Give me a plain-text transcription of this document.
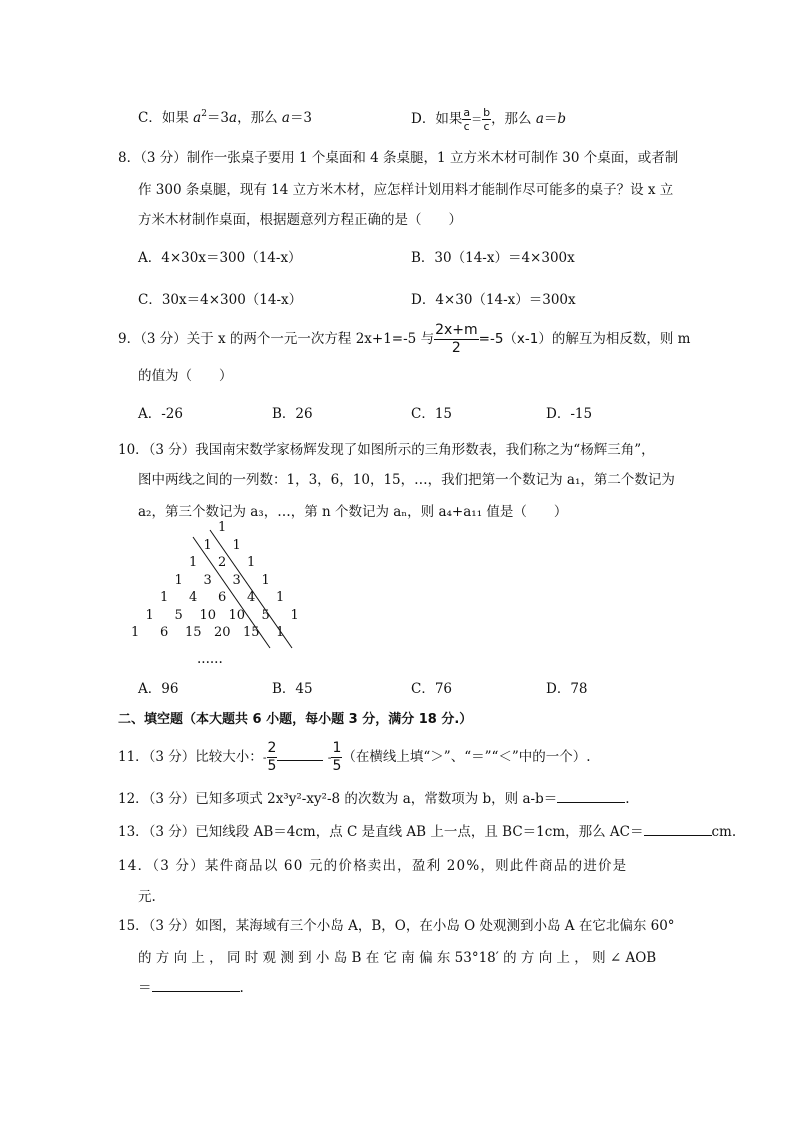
C．如果 $a^2=3a$，那么 a＝3	D．如果 $\frac{a}{c} = \frac{b}{c}$ ，那么 a＝b
8．（3 分）制作一张桌子要用 1 个桌面和 4 条桌腿，1 立方米木材可制作 30 个桌面，或者制
作 300 条桌腿，现有 14 立方米木材，应怎样计划用料才能制作尽可能多的桌子？设 x 立
方米木材制作桌面，根据题意列方程正确的是（　　）
A．4×30x＝300（14-x）	B．30（14-x）＝4×300x
C．30x＝4×300（14-x）	D．4×30（14-x）＝300x
9．（3 分）关于 x 的两个一元一次方程 2x+1=-5 与 $\frac{2x+m}{2} =-5(x-1)$的解互为相反数，则 m
的值为（　　）
A．-26	B．26	C．15	D．-15
10．（3 分）我国南宋数学家杨辉发现了如图所示的三角形数表，我们称之为“杨辉三角”，
图中两线之间的一列数：1，3，6，10，15，…，我们把第一个数记为 a₁，第二个数记为
a₂，第三个数记为 a₃，…，第 n 个数记为 aₙ，则 a₄+a₁₁ 值是（　　）
1
1 1
1 2 1
1 3 3 1
1 4 6 4 1
1 5 10 10 5 1
1 6 15 20 15 1
......
A．96	B．45	C．76	D．78
二、填空题（本大题共 6 小题，每小题 3 分，满分 18 分.）
11．（3 分）比较大小：- $\frac{2}{5}$	- $\frac{1}{5}$ （在横线上填“＞”、“＝”“＜”中的一个）.
12．（3 分）已知多项式 2x³y²-xy²-8 的次数为 a，常数项为 b，则 a-b＝	.
13．（3 分）已知线段 AB＝4cm，点 C 是直线 AB 上一点，且 BC＝1cm，那么 AC＝	cm.
14．（3 分）某件商品以 60 元的价格卖出，盈利 20%，则此件商品的进价是
元.
15．（3 分）如图，某海域有三个小岛 A，B，O，在小岛 O 处观测到小岛 A 在它北偏东 60°
的 方 向 上 ， 同 时 观 测 到 小 岛 B 在 它 南 偏 东 53°18′ 的 方 向 上 ， 则 ∠ AOB
＝	.
